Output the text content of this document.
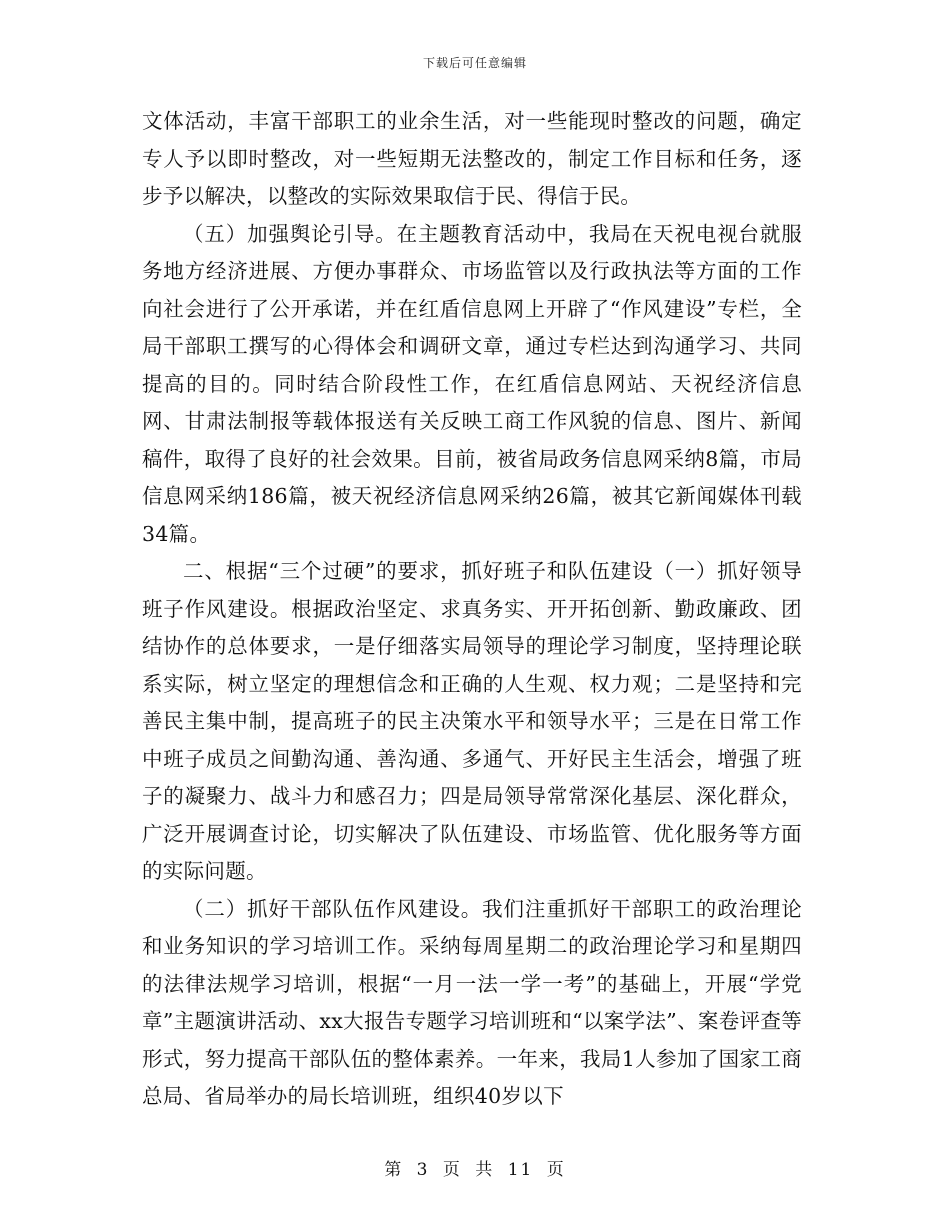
下载后可任意编辑

文体活动，丰富干部职工的业余生活，对一些能现时整改的问题，确定专人予以即时整改，对一些短期无法整改的，制定工作目标和任务，逐步予以解决，以整改的实际效果取信于民、得信于民。

（五）加强舆论引导。在主题教育活动中，我局在天祝电视台就服务地方经济进展、方便办事群众、市场监管以及行政执法等方面的工作向社会进行了公开承诺，并在红盾信息网上开辟了“作风建设”专栏，全局干部职工撰写的心得体会和调研文章，通过专栏达到沟通学习、共同提高的目的。同时结合阶段性工作，在红盾信息网站、天祝经济信息网、甘肃法制报等载体报送有关反映工商工作风貌的信息、图片、新闻稿件，取得了良好的社会效果。目前，被省局政务信息网采纳8篇，市局信息网采纳186篇，被天祝经济信息网采纳26篇，被其它新闻媒体刊载34篇。

二、根据“三个过硬”的要求，抓好班子和队伍建设（一）抓好领导班子作风建设。根据政治坚定、求真务实、开开拓创新、勤政廉政、团结协作的总体要求，一是仔细落实局领导的理论学习制度，坚持理论联系实际，树立坚定的理想信念和正确的人生观、权力观；二是坚持和完善民主集中制，提高班子的民主决策水平和领导水平；三是在日常工作中班子成员之间勤沟通、善沟通、多通气、开好民主生活会，增强了班子的凝聚力、战斗力和感召力；四是局领导常常深化基层、深化群众，广泛开展调查讨论，切实解决了队伍建设、市场监管、优化服务等方面的实际问题。

（二）抓好干部队伍作风建设。我们注重抓好干部职工的政治理论和业务知识的学习培训工作。采纳每周星期二的政治理论学习和星期四的法律法规学习培训，根据“一月一法一学一考”的基础上，开展“学党章”主题演讲活动、xx大报告专题学习培训班和“以案学法”、案卷评查等形式，努力提高干部队伍的整体素养。一年来，我局1人参加了国家工商总局、省局举办的局长培训班，组织40岁以下

第 3 页 共 11 页
